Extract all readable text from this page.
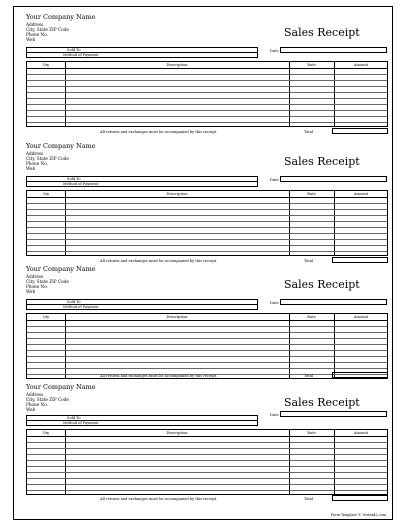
Your Company Name
Address
City, State ZIP Code
Phone No.
Web
Sales Receipt
Date
Sold To
Method of Payment
Qty	Description	Rate	Amount
All returns and exchanges must be accompanied by this receipt.	Total
Your Company Name
Address
City, State ZIP Code
Phone No.
Web
Sales Receipt
Date
Sold To
Method of Payment
Qty	Description	Rate	Amount
All returns and exchanges must be accompanied by this receipt.	Total
Your Company Name
Address
City, State ZIP Code
Phone No.
Web
Sales Receipt
Date
Sold To
Method of Payment
Qty	Description	Rate	Amount
All returns and exchanges must be accompanied by this receipt.	Total
Your Company Name
Address
City, State ZIP Code
Phone No.
Web
Sales Receipt
Date
Sold To
Method of Payment
Qty	Description	Rate	Amount
All returns and exchanges must be accompanied by this receipt.	Total
Form Template © Vertex42.com
